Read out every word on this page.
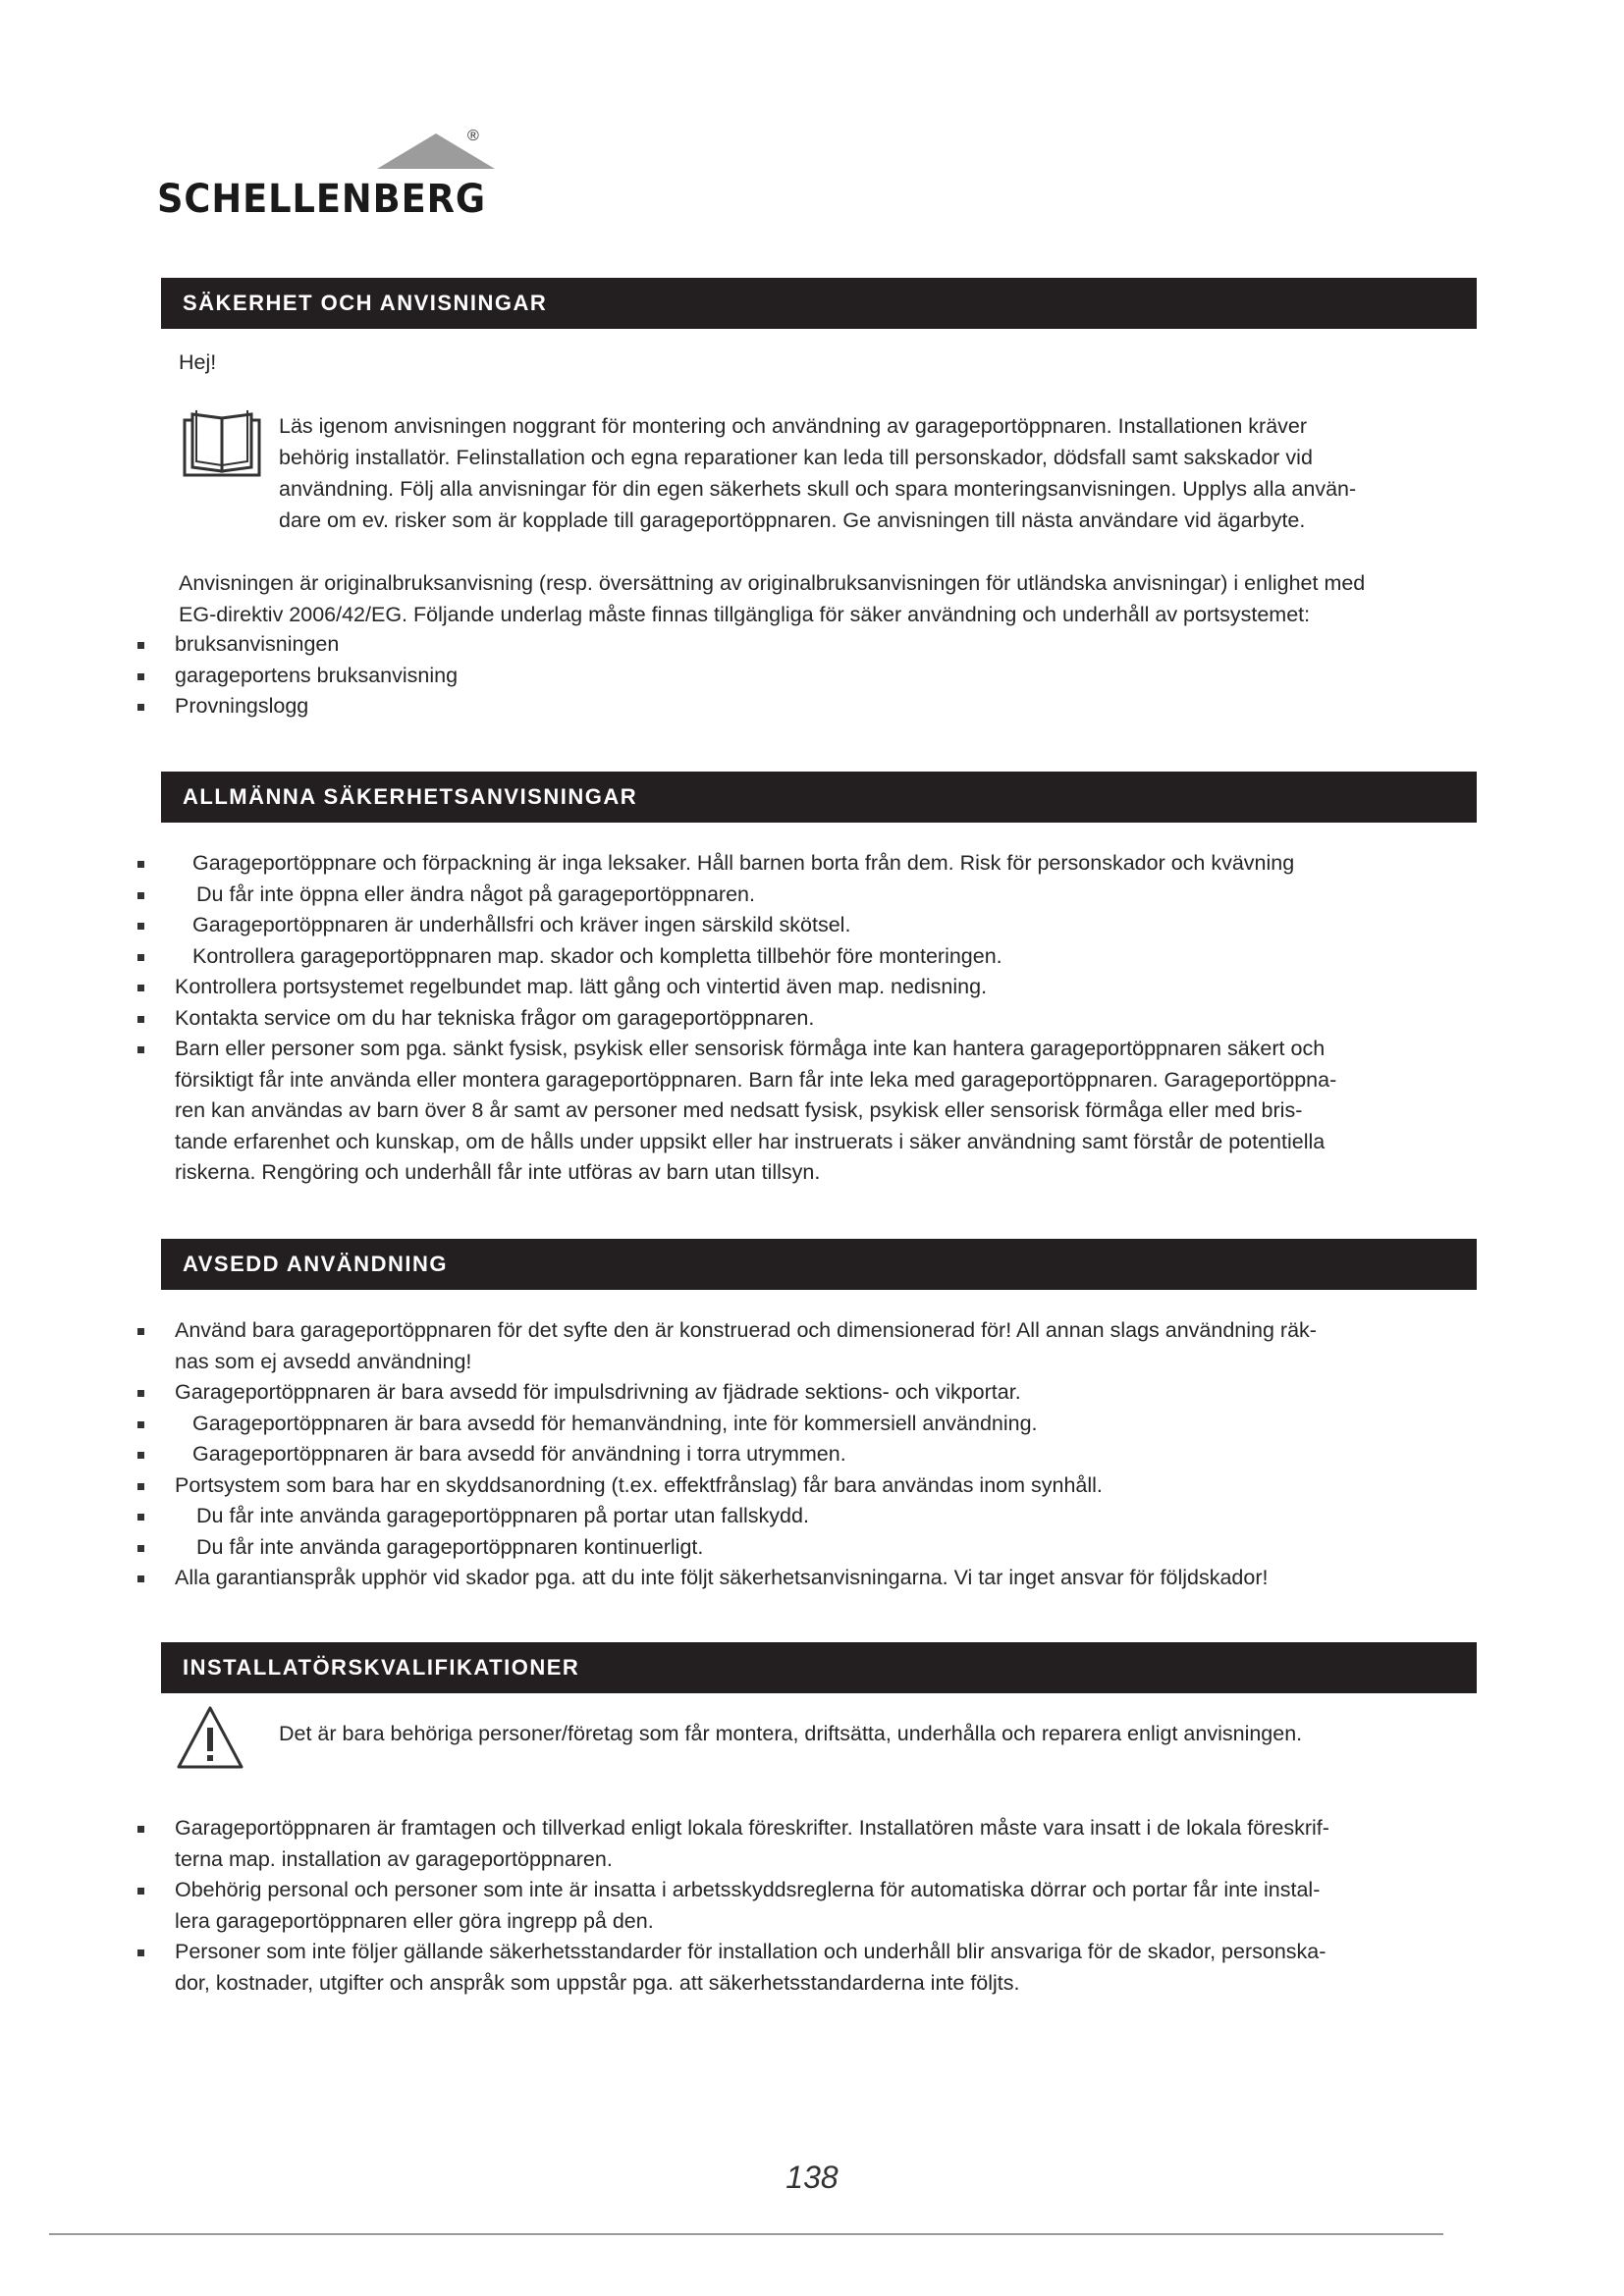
®
SCHELLENBERG
SÄKERHET OCH ANVISNINGAR
Hej!
Läs igenom anvisningen noggrant för montering och användning av garageportöppnaren. Installationen kräver
behörig installatör. Felinstallation och egna reparationer kan leda till personskador, dödsfall samt sakskador vid
användning. Följ alla anvisningar för din egen säkerhets skull och spara monteringsanvisningen. Upplys alla använ-
dare om ev. risker som är kopplade till garageportöppnaren. Ge anvisningen till nästa användare vid ägarbyte.
Anvisningen är originalbruksanvisning (resp. översättning av originalbruksanvisningen för utländska anvisningar) i enlighet med
EG-direktiv 2006/42/EG. Följande underlag måste finnas tillgängliga för säker användning och underhåll av portsystemet:
bruksanvisningen
garageportens bruksanvisning
Provningslogg
ALLMÄNNA SÄKERHETSANVISNINGAR
Garageportöppnare och förpackning är inga leksaker. Håll barnen borta från dem. Risk för personskador och kvävning
Du får inte öppna eller ändra något på garageportöppnaren.
Garageportöppnaren är underhållsfri och kräver ingen särskild skötsel.
Kontrollera garageportöppnaren map. skador och kompletta tillbehör före monteringen.
Kontrollera portsystemet regelbundet map. lätt gång och vintertid även map. nedisning.
Kontakta service om du har tekniska frågor om garageportöppnaren.
Barn eller personer som pga. sänkt fysisk, psykisk eller sensorisk förmåga inte kan hantera garageportöppnaren säkert och
försiktigt får inte använda eller montera garageportöppnaren. Barn får inte leka med garageportöppnaren. Garageportöppna-
ren kan användas av barn över 8 år samt av personer med nedsatt fysisk, psykisk eller sensorisk förmåga eller med bris-
tande erfarenhet och kunskap, om de hålls under uppsikt eller har instruerats i säker användning samt förstår de potentiella
riskerna. Rengöring och underhåll får inte utföras av barn utan tillsyn.
AVSEDD ANVÄNDNING
Använd bara garageportöppnaren för det syfte den är konstruerad och dimensionerad för! All annan slags användning räk-
nas som ej avsedd användning!
Garageportöppnaren är bara avsedd för impulsdrivning av fjädrade sektions- och vikportar.
Garageportöppnaren är bara avsedd för hemanvändning, inte för kommersiell användning.
Garageportöppnaren är bara avsedd för användning i torra utrymmen.
Portsystem som bara har en skyddsanordning (t.ex. effektfrånslag) får bara användas inom synhåll.
Du får inte använda garageportöppnaren på portar utan fallskydd.
Du får inte använda garageportöppnaren kontinuerligt.
Alla garantianspråk upphör vid skador pga. att du inte följt säkerhetsanvisningarna. Vi tar inget ansvar för följdskador!
INSTALLATÖRSKVALIFIKATIONER
Det är bara behöriga personer/företag som får montera, driftsätta, underhålla och reparera enligt anvisningen.
Garageportöppnaren är framtagen och tillverkad enligt lokala föreskrifter. Installatören måste vara insatt i de lokala föreskrif-
terna map. installation av garageportöppnaren.
Obehörig personal och personer som inte är insatta i arbetsskyddsreglerna för automatiska dörrar och portar får inte instal-
lera garageportöppnaren eller göra ingrepp på den.
Personer som inte följer gällande säkerhetsstandarder för installation och underhåll blir ansvariga för de skador, personska-
dor, kostnader, utgifter och anspråk som uppstår pga. att säkerhetsstandarderna inte följts.
138
